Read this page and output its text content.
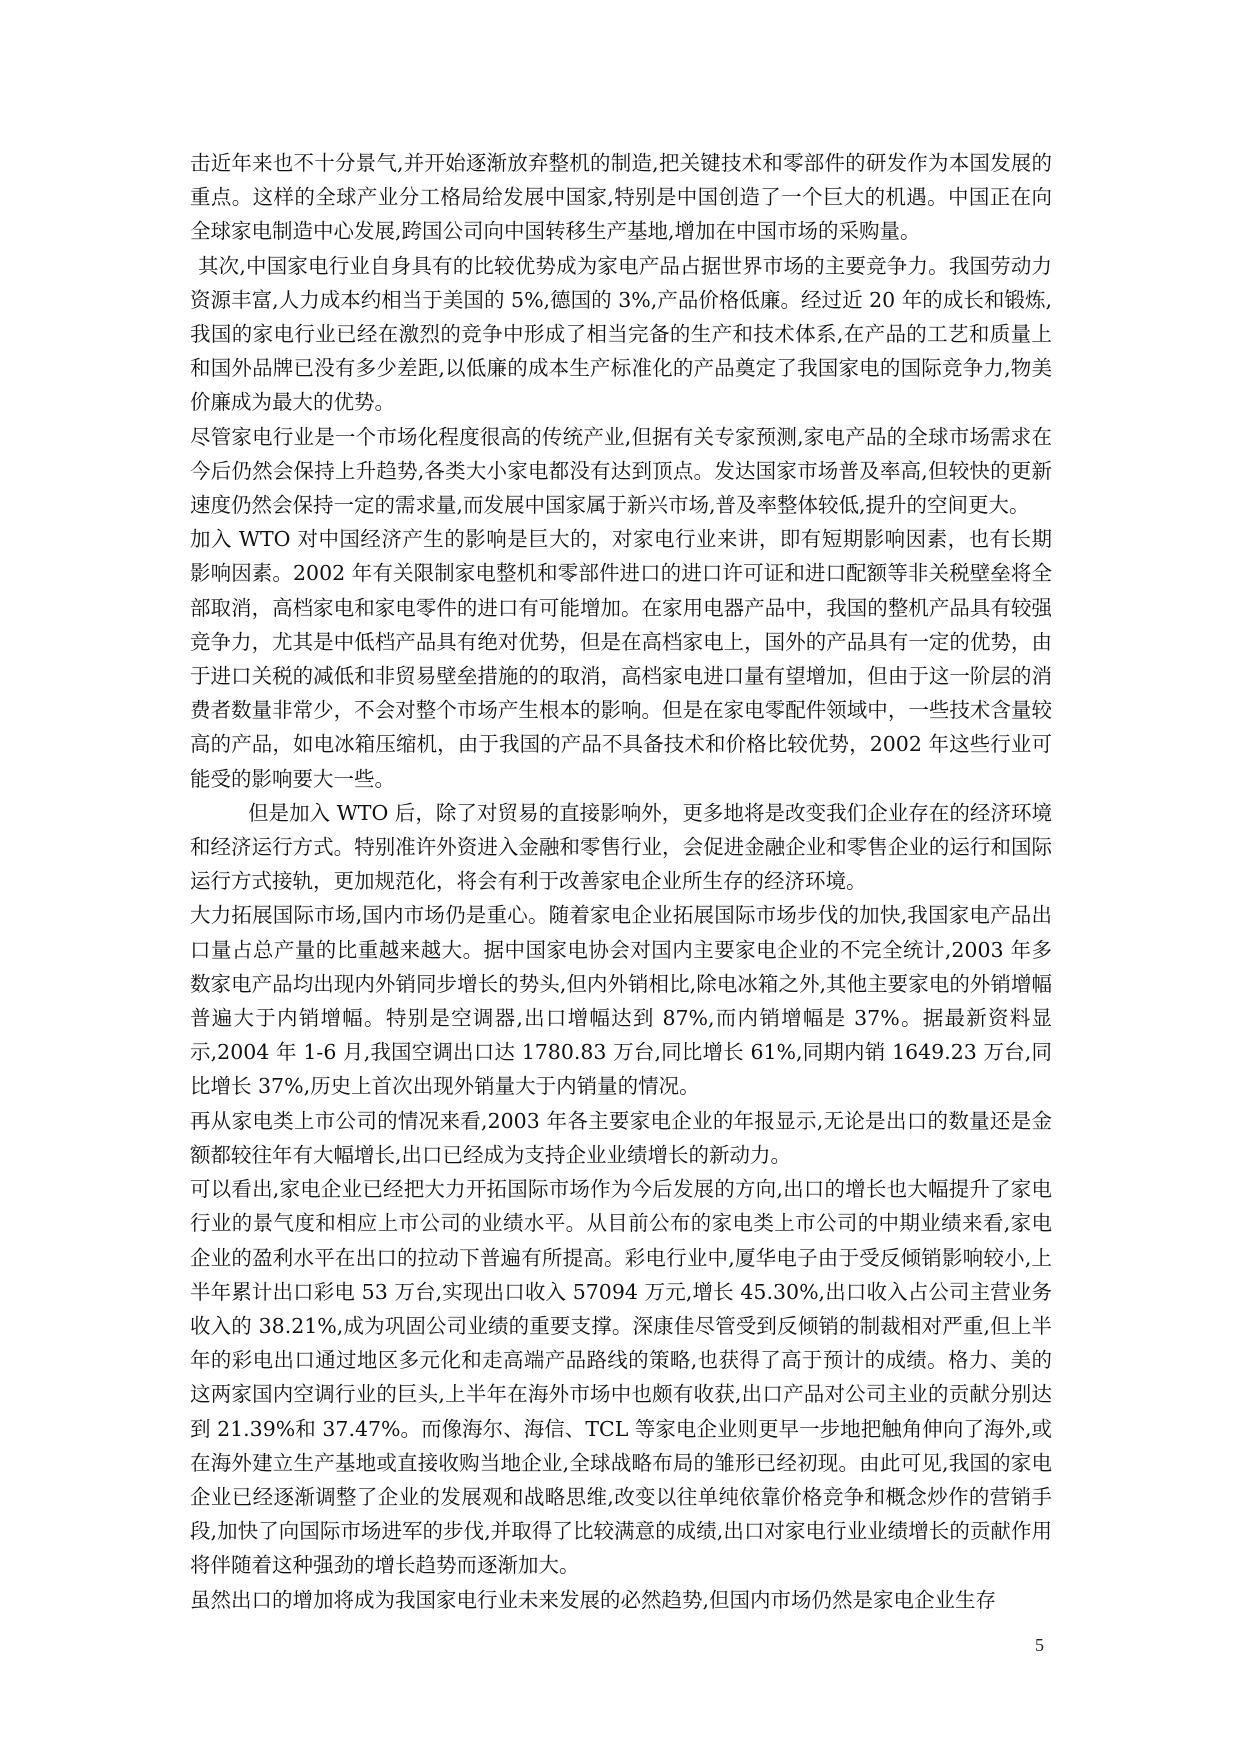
击近年来也不十分景气,并开始逐渐放弃整机的制造,把关键技术和零部件的研发作为本国发展的重点。这样的全球产业分工格局给发展中国家,特别是中国创造了一个巨大的机遇。中国正在向全球家电制造中心发展,跨国公司向中国转移生产基地,增加在中国市场的采购量。

其次,中国家电行业自身具有的比较优势成为家电产品占据世界市场的主要竞争力。我国劳动力资源丰富,人力成本约相当于美国的 5%,德国的 3%,产品价格低廉。经过近 20 年的成长和锻炼,我国的家电行业已经在激烈的竞争中形成了相当完备的生产和技术体系,在产品的工艺和质量上和国外品牌已没有多少差距,以低廉的成本生产标准化的产品奠定了我国家电的国际竞争力,物美价廉成为最大的优势。

尽管家电行业是一个市场化程度很高的传统产业,但据有关专家预测,家电产品的全球市场需求在今后仍然会保持上升趋势,各类大小家电都没有达到顶点。发达国家市场普及率高,但较快的更新速度仍然会保持一定的需求量,而发展中国家属于新兴市场,普及率整体较低,提升的空间更大。

加入 WTO 对中国经济产生的影响是巨大的，对家电行业来讲，即有短期影响因素，也有长期影响因素。2002 年有关限制家电整机和零部件进口的进口许可证和进口配额等非关税壁垒将全部取消，高档家电和家电零件的进口有可能增加。在家用电器产品中，我国的整机产品具有较强竞争力，尤其是中低档产品具有绝对优势，但是在高档家电上，国外的产品具有一定的优势，由于进口关税的减低和非贸易壁垒措施的的取消，高档家电进口量有望增加，但由于这一阶层的消费者数量非常少，不会对整个市场产生根本的影响。但是在家电零配件领域中，一些技术含量较高的产品，如电冰箱压缩机，由于我国的产品不具备技术和价格比较优势，2002 年这些行业可能受的影响要大一些。

但是加入 WTO 后，除了对贸易的直接影响外，更多地将是改变我们企业存在的经济环境和经济运行方式。特别准许外资进入金融和零售行业，会促进金融企业和零售企业的运行和国际运行方式接轨，更加规范化，将会有利于改善家电企业所生存的经济环境。

大力拓展国际市场,国内市场仍是重心。随着家电企业拓展国际市场步伐的加快,我国家电产品出口量占总产量的比重越来越大。据中国家电协会对国内主要家电企业的不完全统计,2003 年多数家电产品均出现内外销同步增长的势头,但内外销相比,除电冰箱之外,其他主要家电的外销增幅普遍大于内销增幅。特别是空调器,出口增幅达到 87%,而内销增幅是 37%。据最新资料显示,2004 年 1-6 月,我国空调出口达 1780.83 万台,同比增长 61%,同期内销 1649.23 万台,同比增长 37%,历史上首次出现外销量大于内销量的情况。

再从家电类上市公司的情况来看,2003 年各主要家电企业的年报显示,无论是出口的数量还是金额都较往年有大幅增长,出口已经成为支持企业业绩增长的新动力。

可以看出,家电企业已经把大力开拓国际市场作为今后发展的方向,出口的增长也大幅提升了家电行业的景气度和相应上市公司的业绩水平。从目前公布的家电类上市公司的中期业绩来看,家电企业的盈利水平在出口的拉动下普遍有所提高。彩电行业中,厦华电子由于受反倾销影响较小,上半年累计出口彩电 53 万台,实现出口收入 57094 万元,增长 45.30%,出口收入占公司主营业务收入的 38.21%,成为巩固公司业绩的重要支撑。深康佳尽管受到反倾销的制裁相对严重,但上半年的彩电出口通过地区多元化和走高端产品路线的策略,也获得了高于预计的成绩。格力、美的这两家国内空调行业的巨头,上半年在海外市场中也颇有收获,出口产品对公司主业的贡献分别达到 21.39%和 37.47%。而像海尔、海信、TCL 等家电企业则更早一步地把触角伸向了海外,或在海外建立生产基地或直接收购当地企业,全球战略布局的雏形已经初现。由此可见,我国的家电企业已经逐渐调整了企业的发展观和战略思维,改变以往单纯依靠价格竞争和概念炒作的营销手段,加快了向国际市场进军的步伐,并取得了比较满意的成绩,出口对家电行业业绩增长的贡献作用将伴随着这种强劲的增长趋势而逐渐加大。

虽然出口的增加将成为我国家电行业未来发展的必然趋势,但国内市场仍然是家电企业生存

5
